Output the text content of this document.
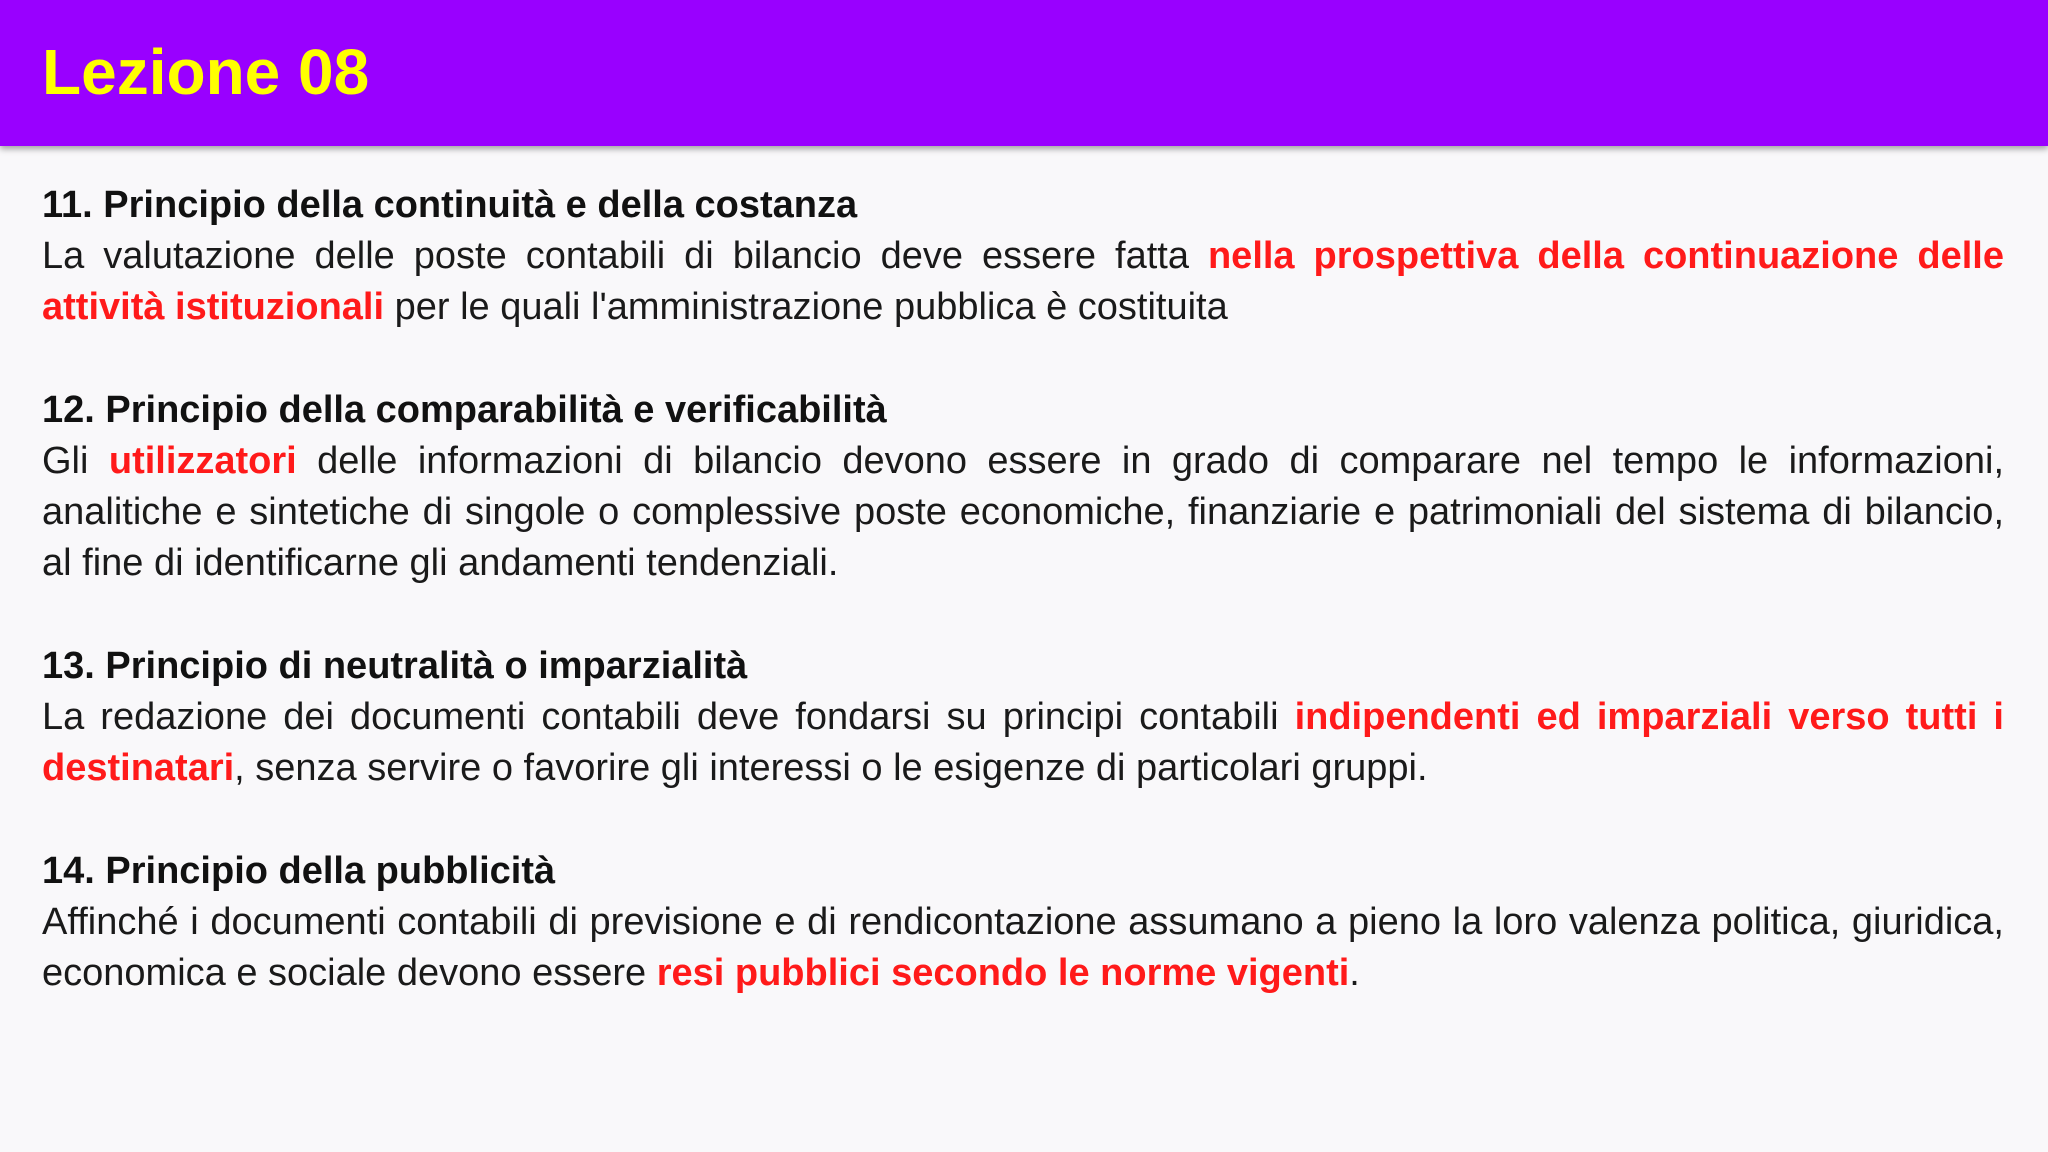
Lezione 08
11. Principio della continuità e della costanza
La valutazione delle poste contabili di bilancio deve essere fatta nella prospettiva della continuazione delle attività istituzionali per le quali l'amministrazione pubblica è costituita
12. Principio della comparabilità e verificabilità
Gli utilizzatori delle informazioni di bilancio devono essere in grado di comparare nel tempo le informazioni, analitiche e sintetiche di singole o complessive poste economiche, finanziarie e patrimoniali del sistema di bilancio, al fine di identificarne gli andamenti tendenziali.
13. Principio di neutralità o imparzialità
La redazione dei documenti contabili deve fondarsi su principi contabili indipendenti ed imparziali verso tutti i destinatari, senza servire o favorire gli interessi o le esigenze di particolari gruppi.
14. Principio della pubblicità
Affinché i documenti contabili di previsione e di rendicontazione assumano a pieno la loro valenza politica, giuridica, economica e sociale devono essere resi pubblici secondo le norme vigenti.
